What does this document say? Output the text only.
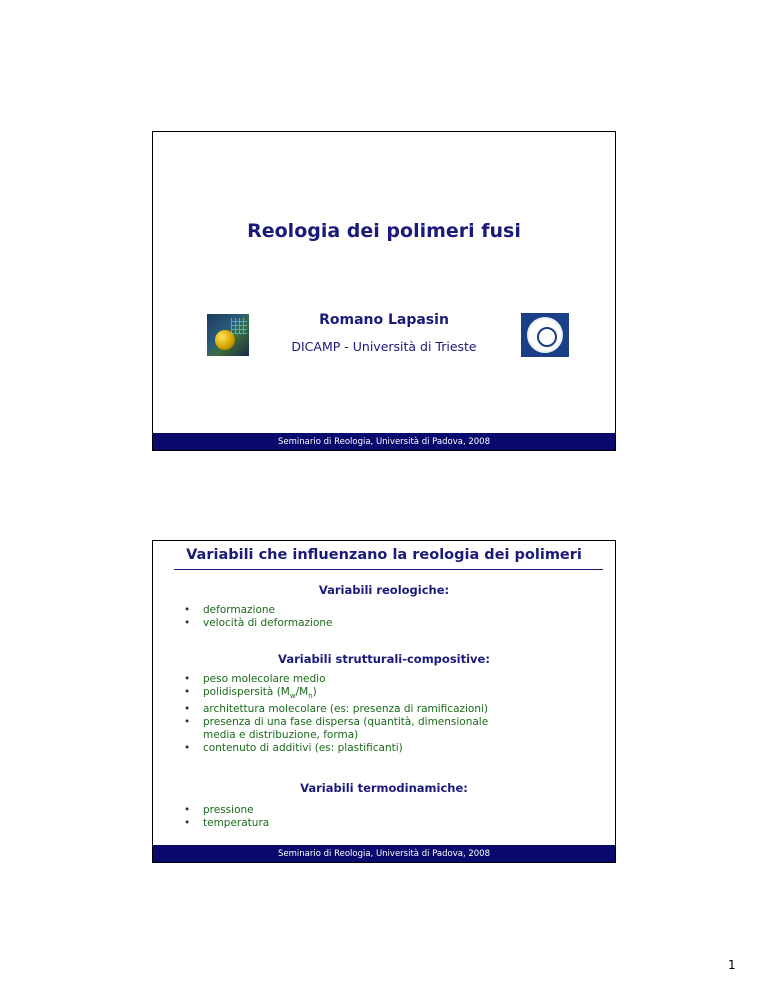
Reologia dei polimeri fusi
Romano Lapasin
DICAMP - Università di Trieste
Seminario di Reologia, Università di Padova, 2008
Variabili che influenzano la reologia dei polimeri
Variabili reologiche:
• deformazione
• velocità di deformazione
Variabili strutturali-compositive:
• peso molecolare medio
• polidispersità $(M_w/M_n)$
• architettura molecolare (es: presenza di ramificazioni)
• presenza di una fase dispersa (quantità, dimensionale
media e distribuzione, forma)
• contenuto di additivi (es: plastificanti)
Variabili termodinamiche:
• pressione
• temperatura
Seminario di Reologia, Università di Padova, 2008
1
